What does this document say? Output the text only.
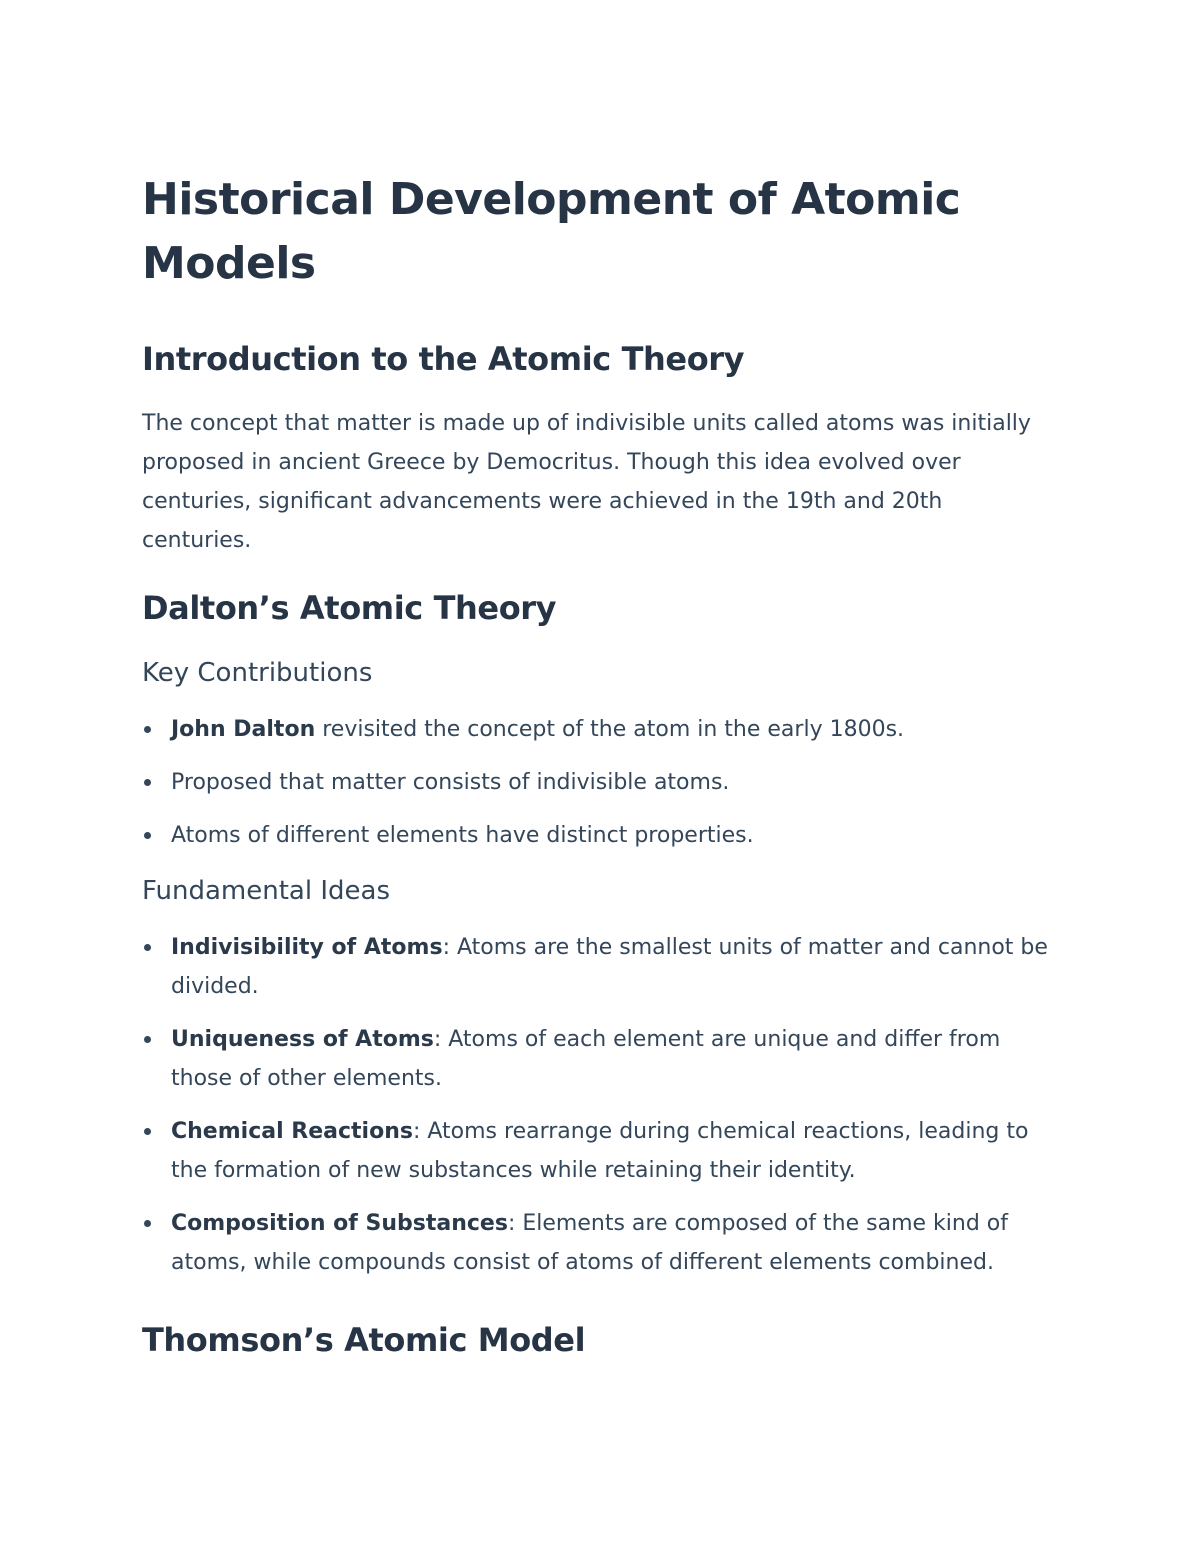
Historical Development of Atomic Models
Introduction to the Atomic Theory

The concept that matter is made up of indivisible units called atoms was initially proposed in ancient Greece by Democritus. Though this idea evolved over centuries, significant advancements were achieved in the 19th and 20th centuries.

Dalton’s Atomic Theory
Key Contributions
John Dalton revisited the concept of the atom in the early 1800s.
Proposed that matter consists of indivisible atoms.
Atoms of different elements have distinct properties.
Fundamental Ideas
Indivisibility of Atoms: Atoms are the smallest units of matter and cannot be divided.
Uniqueness of Atoms: Atoms of each element are unique and differ from those of other elements.
Chemical Reactions: Atoms rearrange during chemical reactions, leading to the formation of new substances while retaining their identity.
Composition of Substances: Elements are composed of the same kind of atoms, while compounds consist of atoms of different elements combined.
Thomson’s Atomic Model
